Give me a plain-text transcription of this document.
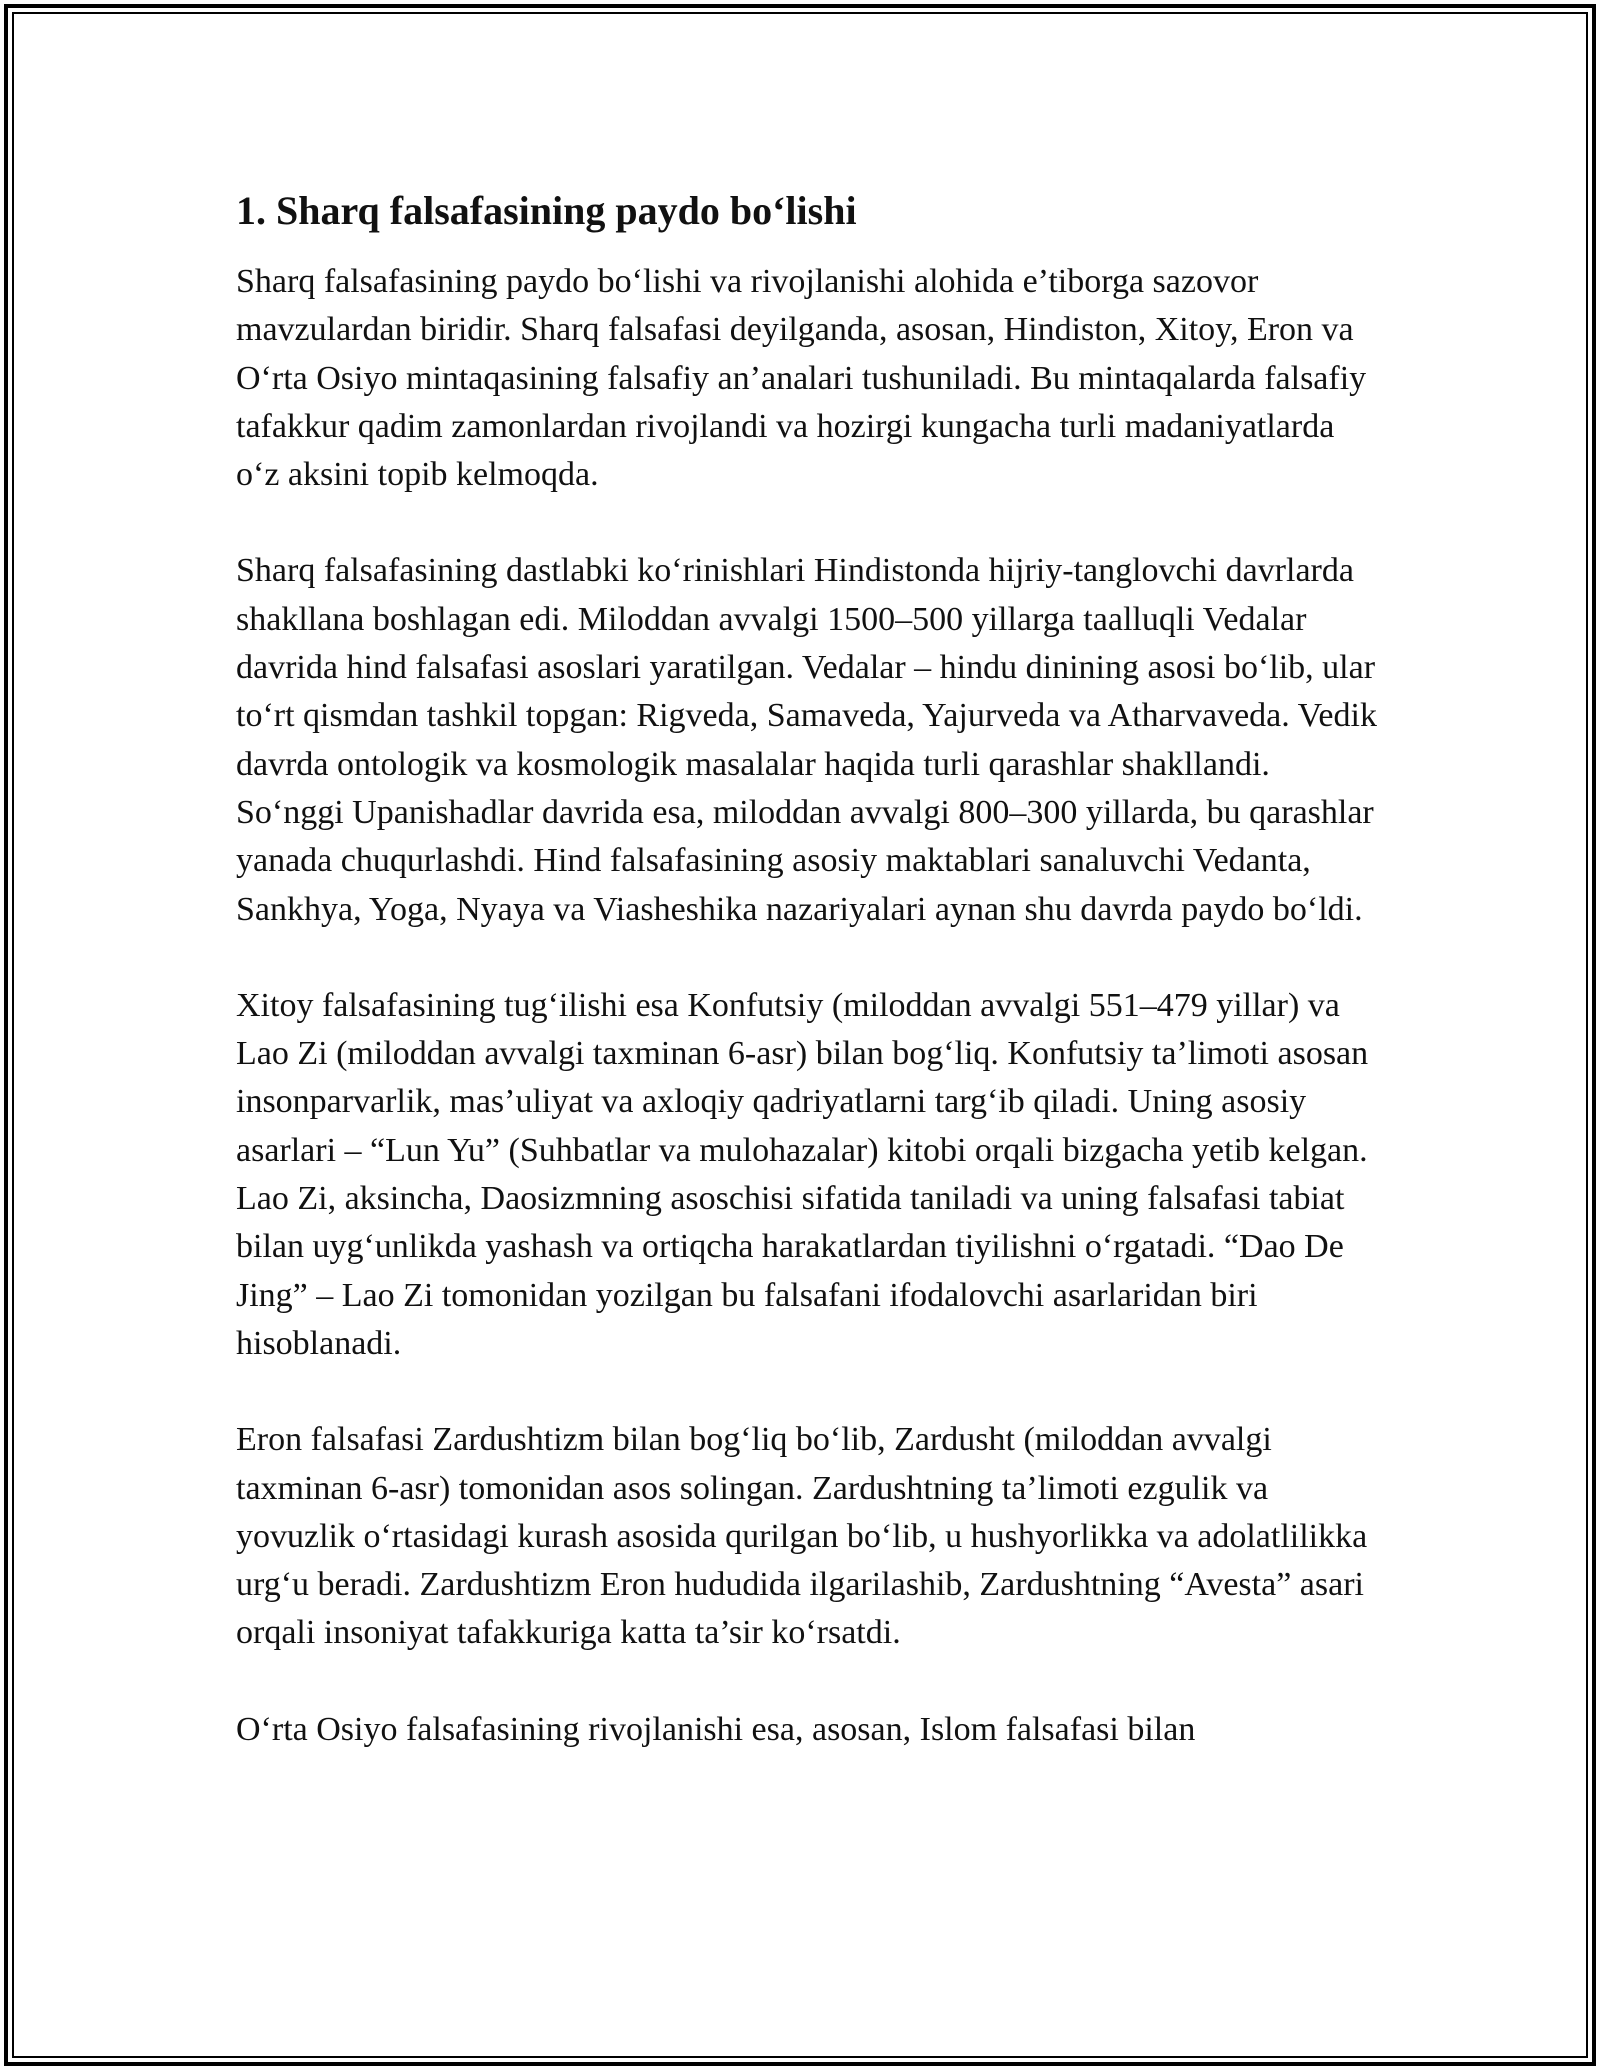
1. Sharq falsafasining paydo bo‘lishi

Sharq falsafasining paydo bo‘lishi va rivojlanishi alohida e’tiborga sazovor mavzulardan biridir. Sharq falsafasi deyilganda, asosan, Hindiston, Xitoy, Eron va O‘rta Osiyo mintaqasining falsafiy an’analari tushuniladi. Bu mintaqalarda falsafiy tafakkur qadim zamonlardan rivojlandi va hozirgi kungacha turli madaniyatlarda o‘z aksini topib kelmoqda.

Sharq falsafasining dastlabki ko‘rinishlari Hindistonda hijriy-tanglovchi davrlarda shakllana boshlagan edi. Miloddan avvalgi 1500–500 yillarga taalluqli Vedalar davrida hind falsafasi asoslari yaratilgan. Vedalar – hindu dinining asosi bo‘lib, ular to‘rt qismdan tashkil topgan: Rigveda, Samaveda, Yajurveda va Atharvaveda. Vedik davrda ontologik va kosmologik masalalar haqida turli qarashlar shakllandi. So‘nggi Upanishadlar davrida esa, miloddan avvalgi 800–300 yillarda, bu qarashlar yanada chuqurlashdi. Hind falsafasining asosiy maktablari sanaluvchi Vedanta, Sankhya, Yoga, Nyaya va Viasheshika nazariyalari aynan shu davrda paydo bo‘ldi.

Xitoy falsafasining tug‘ilishi esa Konfutsiy (miloddan avvalgi 551–479 yillar) va Lao Zi (miloddan avvalgi taxminan 6-asr) bilan bog‘liq. Konfutsiy ta’limoti asosan insonparvarlik, mas’uliyat va axloqiy qadriyatlarni targ‘ib qiladi. Uning asosiy asarlari – “Lun Yu” (Suhbatlar va mulohazalar) kitobi orqali bizgacha yetib kelgan. Lao Zi, aksincha, Daosizmning asoschisi sifatida taniladi va uning falsafasi tabiat bilan uyg‘unlikda yashash va ortiqcha harakatlardan tiyilishni o‘rgatadi. “Dao De Jing” – Lao Zi tomonidan yozilgan bu falsafani ifodalovchi asarlaridan biri hisoblanadi.

Eron falsafasi Zardushtizm bilan bog‘liq bo‘lib, Zardusht (miloddan avvalgi taxminan 6-asr) tomonidan asos solingan. Zardushtning ta’limoti ezgulik va yovuzlik o‘rtasidagi kurash asosida qurilgan bo‘lib, u hushyorlikka va adolatlilikka urg‘u beradi. Zardushtizm Eron hududida ilgarilashib, Zardushtning “Avesta” asari orqali insoniyat tafakkuriga katta ta’sir ko‘rsatdi.

O‘rta Osiyo falsafasining rivojlanishi esa, asosan, Islom falsafasi bilan
